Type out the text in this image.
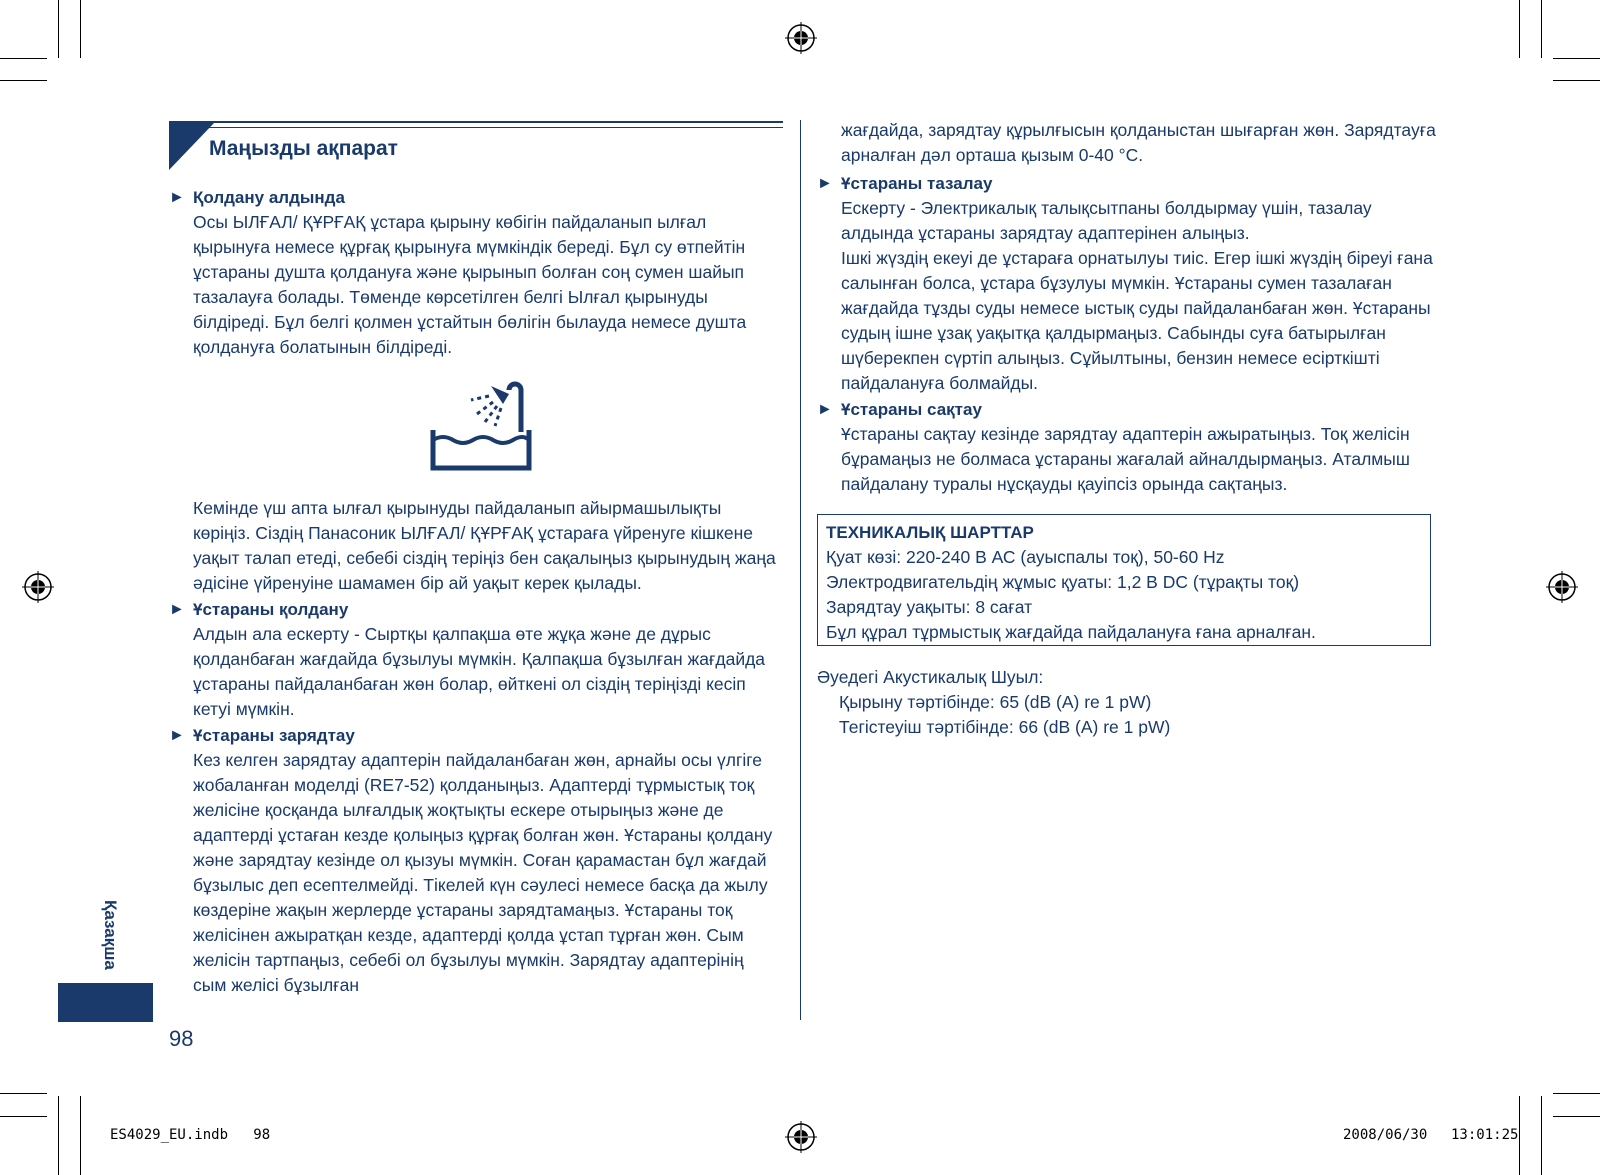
Маңызды ақпарат
► Қолдану алдында

Осы ЫЛҒАЛ/ ҚҰРҒАҚ ұстара қырыну көбігін пайдаланып ылғал қырынуға немесе құрғақ қырынуға мүмкіндік береді. Бұл су өтпейтін ұстараны душта қолдануға және қырынып болған соң сумен шайып тазалауға болады. Төменде көрсетілген белгі Ылғал қырынуды білдіреді. Бұл белгі қолмен ұстайтын бөлігін былауда немесе душта қолдануға болатынын білдіреді.

Кемінде үш апта ылғал қырынуды пайдаланып айырмашылықты көріңіз. Сіздің Панасоник ЫЛҒАЛ/ ҚҰРҒАҚ ұстараға үйренуге кішкене уақыт талап етеді, себебі сіздің теріңіз бен сақалыңыз қырынудың жаңа әдісіне үйренуіне шамамен бір ай уақыт керек қылады.

► Ұстараны қолдану

Алдын ала ескерту - Сыртқы қалпақша өте жұқа және де дұрыс қолданбаған жағдайда бұзылуы мүмкін. Қалпақша бұзылған жағдайда ұстараны пайдаланбаған жөн болар, өйткені ол сіздің теріңізді кесіп кетуі мүмкін.

► Ұстараны зарядтау

Кез келген зарядтау адаптерін пайдаланбаған жөн, арнайы осы үлгіге жобаланған моделді (RE7-52) қолданыңыз. Адаптерді тұрмыстық тоқ желісіне қосқанда ылғалдық жоқтықты ескере отырыңыз және де адаптерді ұстаған кезде қолыңыз құрғақ болған жөн. Ұстараны қолдану және зарядтау кезінде ол қызуы мүмкін. Соған қарамастан бұл жағдай бұзылыс деп есептелмейді. Тікелей күн сәулесі немесе басқа да жылу көздеріне жақын жерлерде ұстараны зарядтамаңыз. Ұстараны тоқ желісінен ажыратқан кезде, адаптерді қолда ұстап тұрған жөн. Сым желісін тартпаңыз, себебі ол бұзылуы мүмкін. Зарядтау адаптерінің сым желісі бұзылған

жағдайда, зарядтау құрылғысын қолданыстан шығарған жөн. Зарядтауға арналған дәл орташа қызым 0-40 °С.

► Ұстараны тазалау

Ескерту - Электрикалық талықсытпаны болдырмау үшін, тазалау алдында ұстараны зарядтау адаптерінен алыңыз.

Ішкі жүздің екеуі де ұстараға орнатылуы тиіс. Егер ішкі жүздің біреуі ғана салынған болса, ұстара бұзулуы мүмкін. Ұстараны сумен тазалаған жағдайда тұзды суды немесе ыстық суды пайдаланбаған жөн. Ұстараны судың ішне ұзақ уақытқа қалдырмаңыз. Сабынды суға батырылған шүберекпен сүртіп алыңыз. Сұйылтыны, бензин немесе есірткішті пайдалануға болмайды.

► Ұстараны сақтау

Ұстараны сақтау кезінде зарядтау адаптерін ажыратыңыз. Тоқ желісін бұрамаңыз не болмаса ұстараны жағалай айналдырмаңыз. Аталмыш пайдалану туралы нұсқауды қауіпсіз орында сақтаңыз.

ТЕХНИКАЛЫҚ ШАРТТАР
Қуат көзі: 220-240 В АС (ауыспалы тоқ), 50-60 Hz
Электродвигательдің жұмыс қуаты: 1,2 В DС (тұрақты тоқ)
Зарядтау уақыты: 8 сағат
Бұл құрал тұрмыстық жағдайда пайдалануға ғана арналған.
Әуедегі Акустикалық Шуыл:
Қырыну тәртібінде: 65 (dB (A) re 1 pW)
Тегістеуіш тәртібінде: 66 (dB (A) re 1 pW)
Қазақша
98
ES4029_EU.indb   98	2008/06/30 13:01:25
